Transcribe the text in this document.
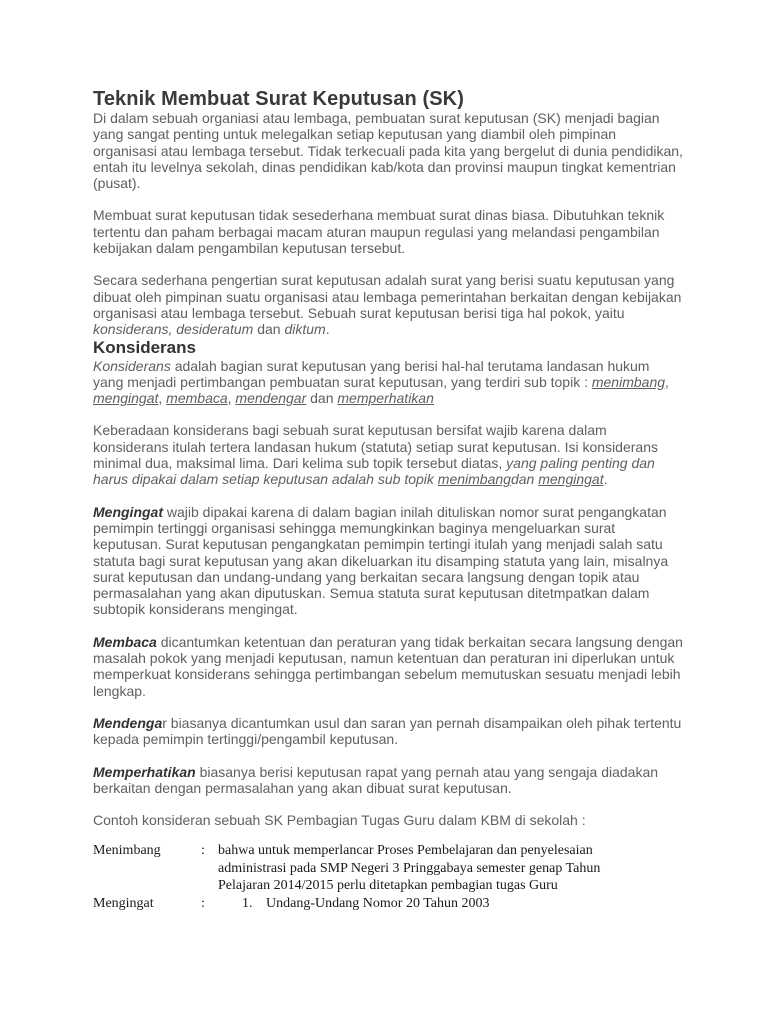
Teknik Membuat Surat Keputusan (SK)

Di dalam sebuah organiasi atau lembaga, pembuatan surat keputusan (SK) menjadi bagian yang sangat penting untuk melegalkan setiap keputusan yang diambil oleh pimpinan organisasi atau lembaga tersebut. Tidak terkecuali pada kita yang bergelut di dunia pendidikan, entah itu levelnya sekolah, dinas pendidikan kab/kota dan provinsi maupun tingkat kementrian (pusat).

Membuat surat keputusan tidak sesederhana membuat surat dinas biasa. Dibutuhkan teknik tertentu dan paham berbagai macam aturan maupun regulasi yang melandasi pengambilan kebijakan dalam pengambilan keputusan tersebut.

Secara sederhana pengertian surat keputusan adalah surat yang berisi suatu keputusan yang dibuat oleh pimpinan suatu organisasi atau lembaga pemerintahan berkaitan dengan kebijakan organisasi atau lembaga tersebut. Sebuah surat keputusan berisi tiga hal pokok, yaitu konsiderans, desideratum dan diktum.

Konsiderans

Konsiderans adalah bagian surat keputusan yang berisi hal-hal terutama landasan hukum yang menjadi pertimbangan pembuatan surat keputusan, yang terdiri sub topik : menimbang, mengingat, membaca, mendengar dan memperhatikan

Keberadaan konsiderans bagi sebuah surat keputusan bersifat wajib karena dalam konsiderans itulah tertera landasan hukum (statuta) setiap surat keputusan. Isi konsiderans minimal dua, maksimal lima. Dari kelima sub topik tersebut diatas, yang paling penting dan harus dipakai dalam setiap keputusan adalah sub topik menimbangdan mengingat.

Mengingat wajib dipakai karena di dalam bagian inilah dituliskan nomor surat pengangkatan pemimpin tertinggi organisasi sehingga memungkinkan baginya mengeluarkan surat keputusan. Surat keputusan pengangkatan pemimpin tertingi itulah yang menjadi salah satu statuta bagi surat keputusan yang akan dikeluarkan itu disamping statuta yang lain, misalnya surat keputusan dan undang-undang yang berkaitan secara langsung dengan topik atau permasalahan yang akan diputuskan. Semua statuta surat keputusan ditetmpatkan dalam subtopik konsiderans mengingat.

Membaca dicantumkan ketentuan dan peraturan yang tidak berkaitan secara langsung dengan masalah pokok yang menjadi keputusan, namun ketentuan dan peraturan ini diperlukan untuk memperkuat konsiderans sehingga pertimbangan sebelum memutuskan sesuatu menjadi lebih lengkap.

Mendengar biasanya dicantumkan usul dan saran yan pernah disampaikan oleh pihak tertentu kepada pemimpin tertinggi/pengambil keputusan.

Memperhatikan biasanya berisi keputusan rapat yang pernah atau yang sengaja diadakan berkaitan dengan permasalahan yang akan dibuat surat keputusan.

Contoh konsideran sebuah SK Pembagian Tugas Guru dalam KBM di sekolah :

Menimbang	: bahwa untuk memperlancar Proses Pembelajaran dan penyelesaian administrasi pada SMP Negeri 3 Pringgabaya semester genap Tahun Pelajaran 2014/2015 perlu ditetapkan pembagian tugas Guru
Mengingat	:	1. Undang-Undang Nomor 20 Tahun 2003
